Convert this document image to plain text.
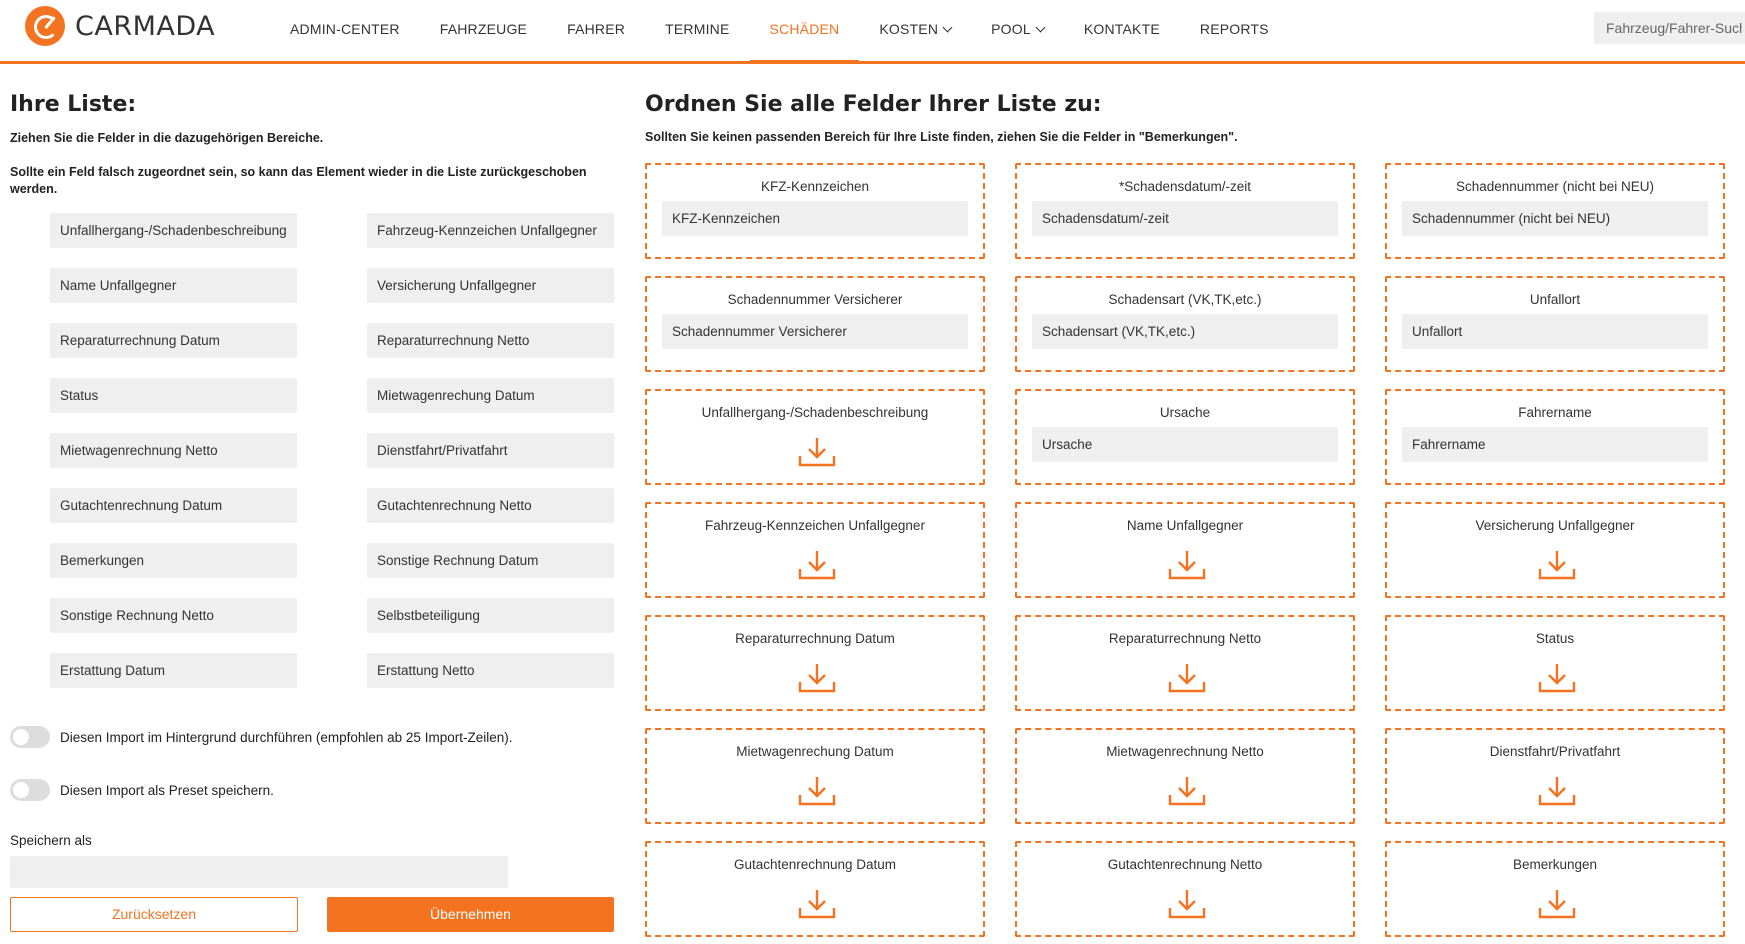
CARMADA	ADMIN-CENTER	FAHRZEUGE	FAHRER	TERMINE	SCHÄDEN	KOSTEN	POOL	KONTAKTE	REPORTS
Fahrzeug/Fahrer-Suche
Ihre Liste:
Ziehen Sie die Felder in die dazugehörigen Bereiche.
Sollte ein Feld falsch zugeordnet sein, so kann das Element wieder in die Liste zurückgeschoben werden.
Unfallhergang-/Schadenbeschreibung	Fahrzeug-Kennzeichen Unfallgegner
Name Unfallgegner	Versicherung Unfallgegner
Reparaturrechnung Datum	Reparaturrechnung Netto
Status	Mietwagenrechung Datum
Mietwagenrechnung Netto	Dienstfahrt/Privatfahrt
Gutachtenrechnung Datum	Gutachtenrechnung Netto
Bemerkungen	Sonstige Rechnung Datum
Sonstige Rechnung Netto	Selbstbeteiligung
Erstattung Datum	Erstattung Netto
Diesen Import im Hintergrund durchführen (empfohlen ab 25 Import-Zeilen).
Diesen Import als Preset speichern.
Speichern als
Zurücksetzen	Übernehmen
Ordnen Sie alle Felder Ihrer Liste zu:
Sollten Sie keinen passenden Bereich für Ihre Liste finden, ziehen Sie die Felder in "Bemerkungen".
KFZ-Kennzeichen
KFZ-Kennzeichen
*Schadensdatum/-zeit
Schadensdatum/-zeit
Schadennummer (nicht bei NEU)
Schadennummer (nicht bei NEU)
Schadennummer Versicherer
Schadennummer Versicherer
Schadensart (VK,TK,etc.)
Schadensart (VK,TK,etc.)
Unfallort
Unfallort
Unfallhergang-/Schadenbeschreibung	Ursache
Ursache
Fahrername
Fahrername
Fahrzeug-Kennzeichen Unfallgegner	Name Unfallgegner	Versicherung Unfallgegner
Reparaturrechnung Datum	Reparaturrechnung Netto	Status
Mietwagenrechung Datum	Mietwagenrechnung Netto	Dienstfahrt/Privatfahrt
Gutachtenrechnung Datum	Gutachtenrechnung Netto	Bemerkungen
